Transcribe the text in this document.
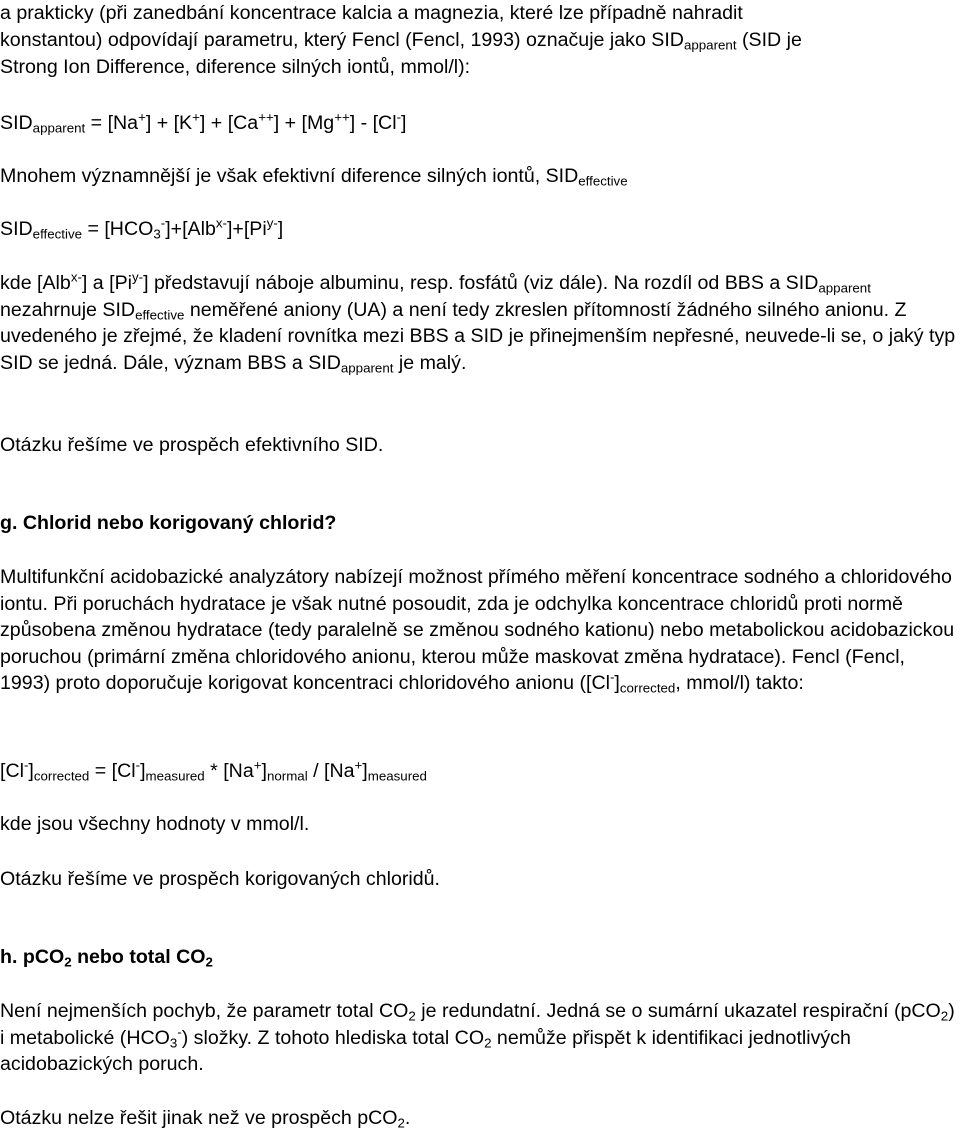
a prakticky (při zanedbání koncentrace kalcia a magnezia, které lze případně nahradit
konstantou) odpovídají parametru, který Fencl (Fencl, 1993) označuje jako $SID_{apparent}$ (SID je
Strong Ion Difference, diference silných iontů, mmol/l):
$SID_{apparent} = [Na^+] + [K^+] + [Ca^{++}] + [Mg^{++}] - [Cl^-]$
Mnohem významnější je však efektivní diference silných iontů, $SID_{effective}$
$SID_{effective} = [HCO_3^-]+[Alb^{x-}]+[Pi^{y-}]$
kde [Alb$^{x-}$] a $[Pi^{y-}]$ představují náboje albuminu, resp. fosfátů (viz dále). Na rozdíl od BBS a $SID_{apparent}$ nezahrnuje $SID_{effective}$ neměřené aniony (UA) a není tedy zkreslen přítomností žádného silného anionu. Z uvedeného je zřejmé, že kladení rovnítka mezi BBS a SID je přinejmenším nepřesné, neuvede-li se, o jaký typ SID se jedná. Dále, význam BBS a $SID_{apparent}$ je malý.
Otázku řešíme ve prospěch efektivního SID.
g. Chlorid nebo korigovaný chlorid?
Multifunkční acidobazické analyzátory nabízejí možnost přímého měření koncentrace sodného a chloridového iontu. Při poruchách hydratace je však nutné posoudit, zda je odchylka koncentrace chloridů proti normě způsobena změnou hydratace (tedy paralelně se změnou sodného kationu) nebo metabolickou acidobazickou poruchou (primární změna chloridového anionu, kterou může maskovat změna hydratace). Fencl (Fencl, 1993) proto doporučuje korigovat koncentraci chloridového anionu ($[Cl^-]_{corrected}$, mmol/l) takto:
$[Cl^-]_{corrected} = [Cl^-]_{measured} * [Na^+]_{normal} / [Na^+]_{measured}$
kde jsou všechny hodnoty v mmol/l.
Otázku řešíme ve prospěch korigovaných chloridů.
h. pCO$_2$ nebo total $CO_2$
Není nejmenších pochyb, že parametr total $CO_2$ je redundatní. Jedná se o sumární ukazatel respirační (pCO$_2$) i metabolické $(HCO_3^-)$ složky. Z tohoto hlediska total $CO_2$ nemůže přispět k identifikaci jednotlivých acidobazických poruch.
Otázku nelze řešit jinak než ve prospěch pCO$_2$.
